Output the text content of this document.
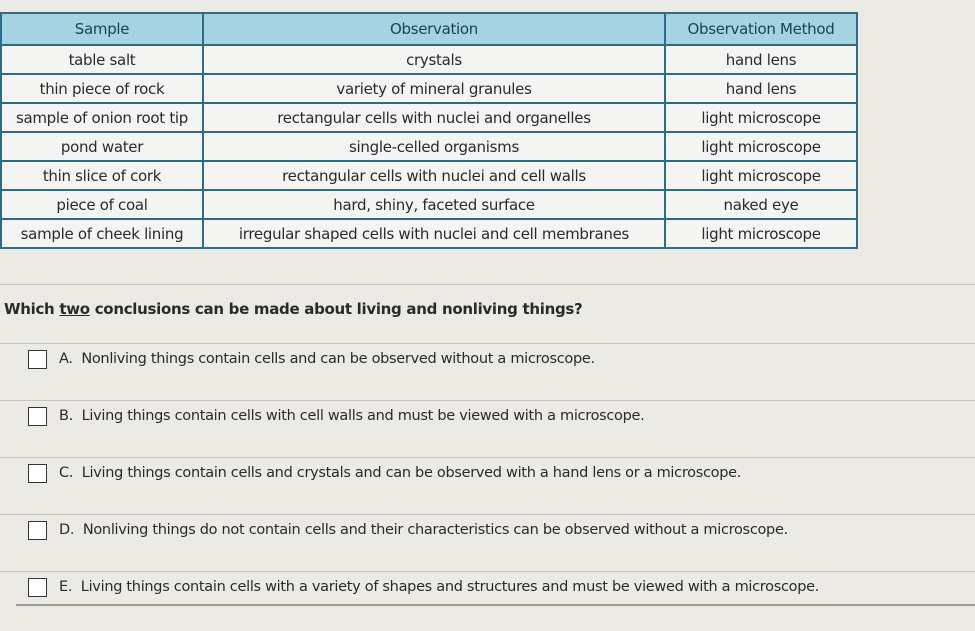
Sample	Observation	Observation Method
table salt	crystals	hand lens
thin piece of rock	variety of mineral granules	hand lens
sample of onion root tip	rectangular cells with nuclei and organelles	light microscope
pond water	single-celled organisms	light microscope
thin slice of cork	rectangular cells with nuclei and cell walls	light microscope
piece of coal	hard, shiny, faceted surface	naked eye
sample of cheek lining	irregular shaped cells with nuclei and cell membranes	light microscope
Which two conclusions can be made about living and nonliving things?
A. Nonliving things contain cells and can be observed without a microscope.
B. Living things contain cells with cell walls and must be viewed with a microscope.
C. Living things contain cells and crystals and can be observed with a hand lens or a microscope.
D. Nonliving things do not contain cells and their characteristics can be observed without a microscope.
E. Living things contain cells with a variety of shapes and structures and must be viewed with a microscope.
